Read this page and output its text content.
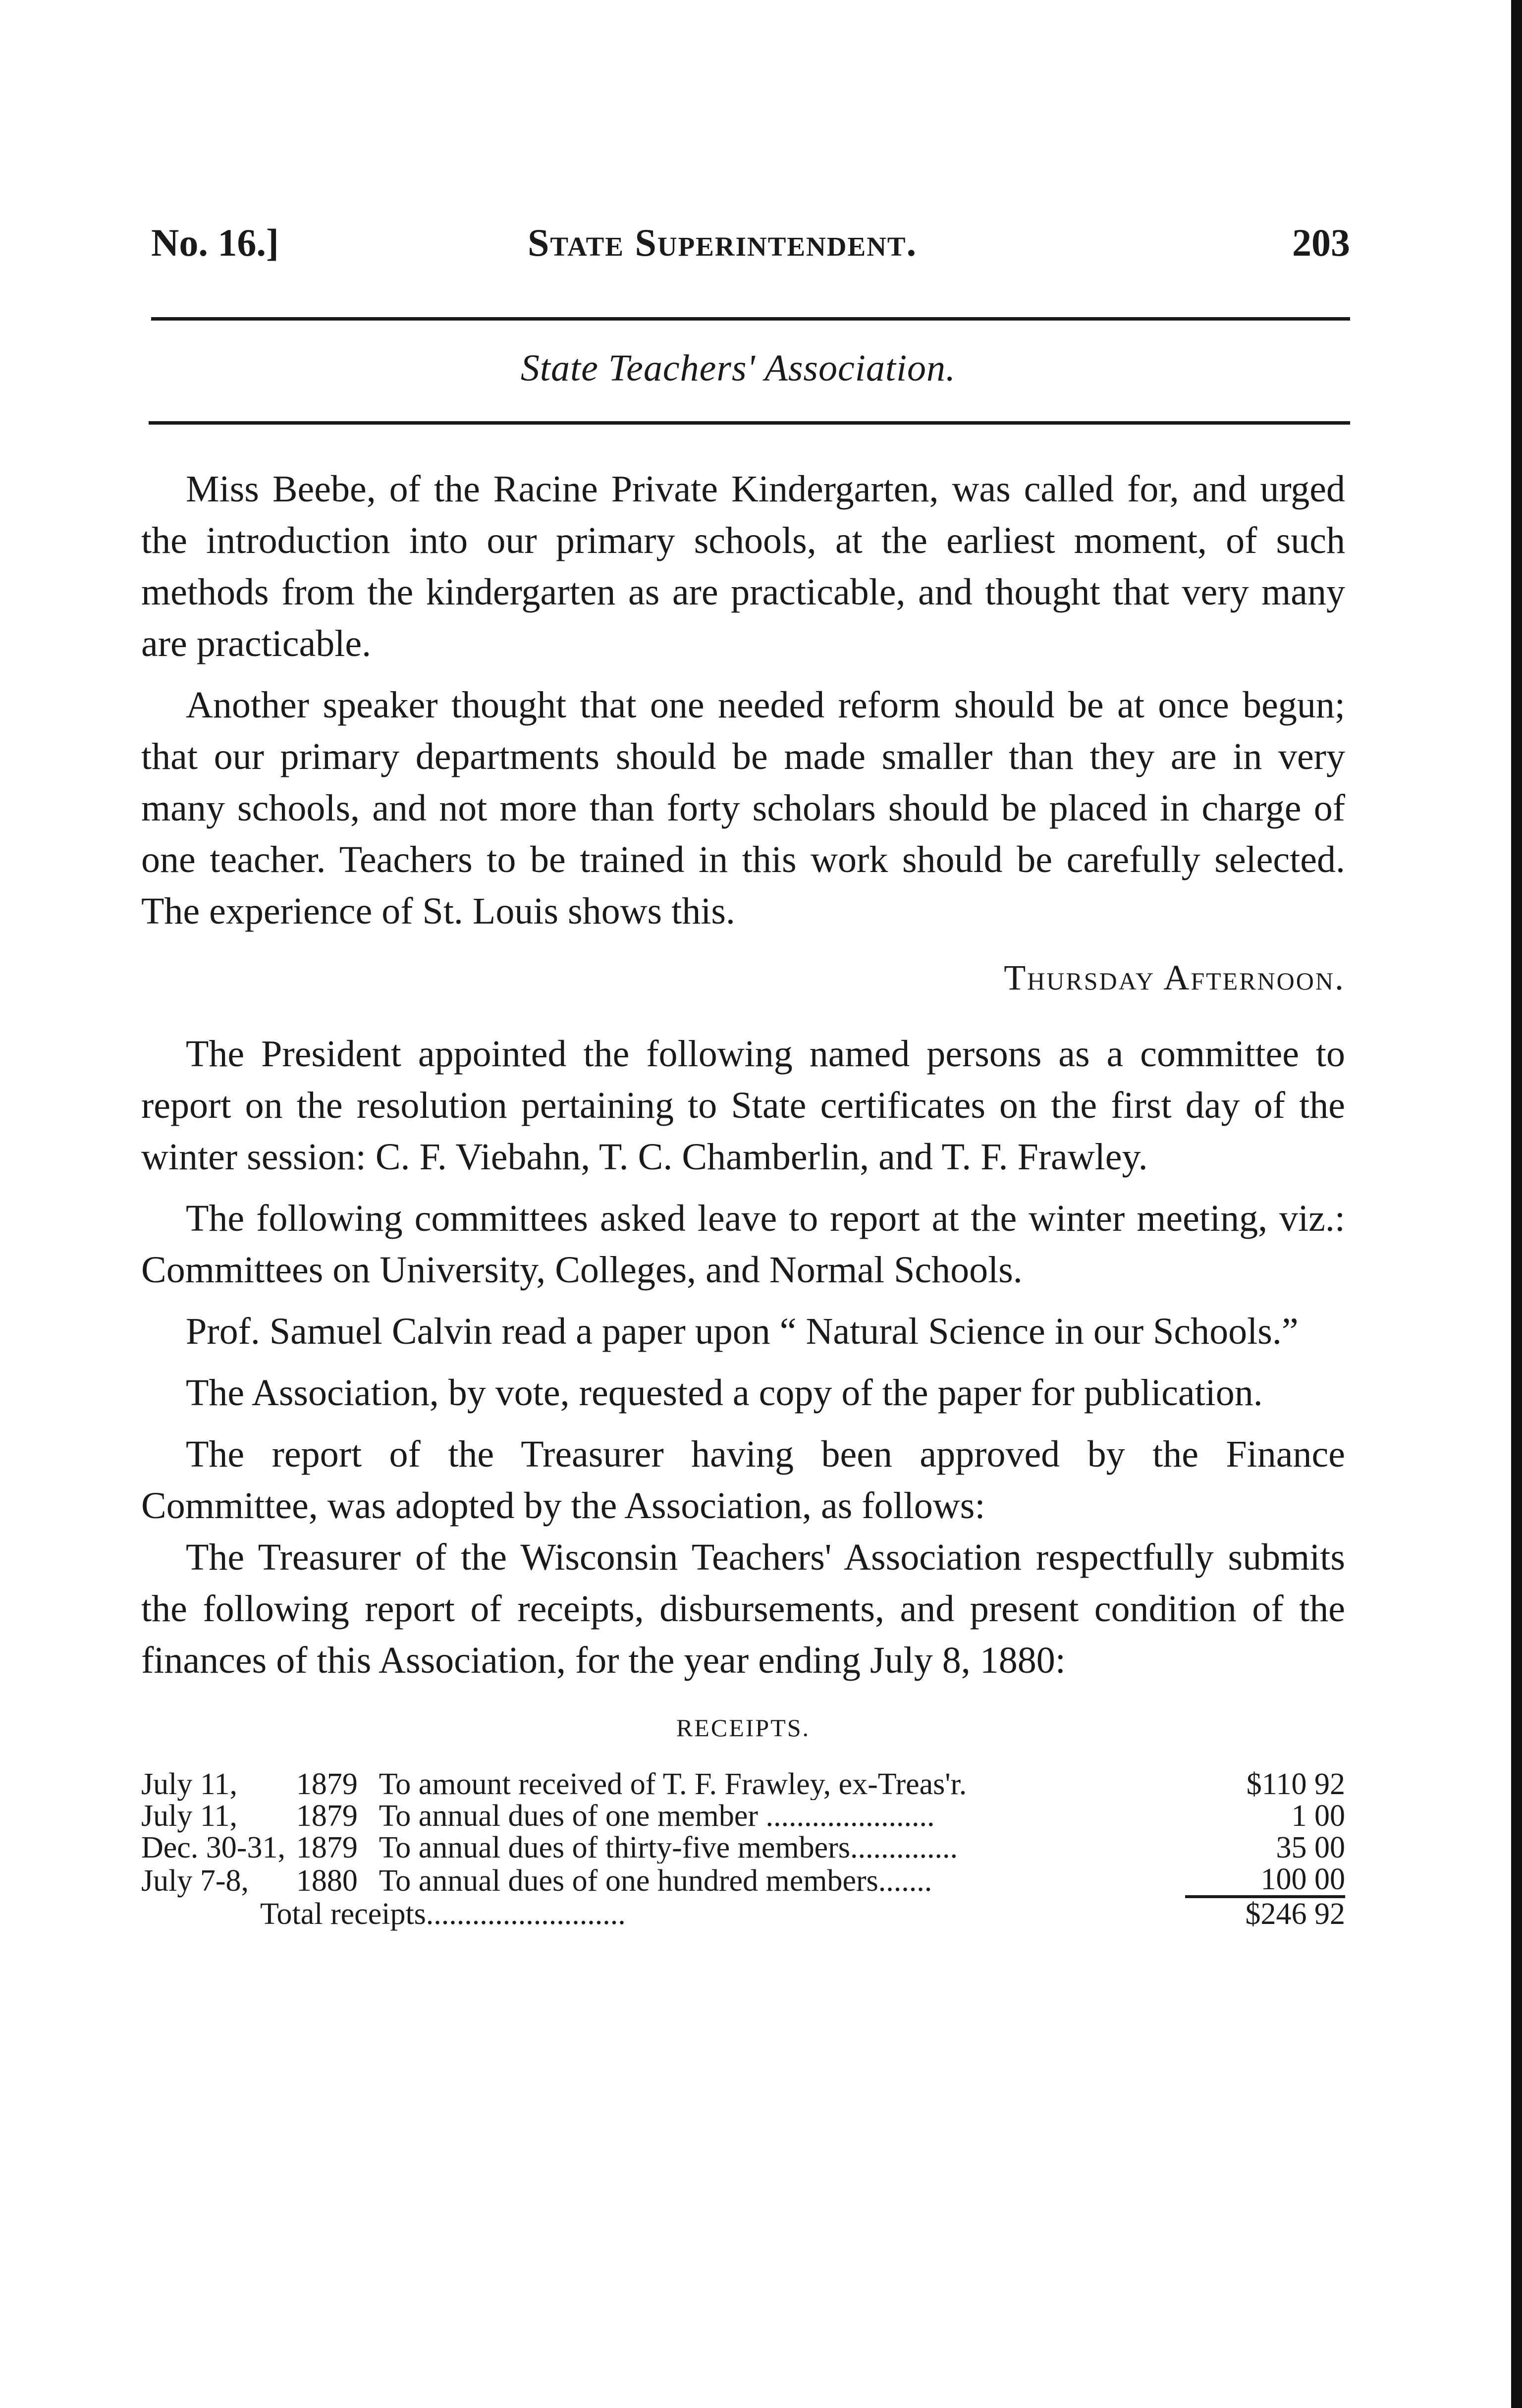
No. 16.]	State Superintendent.	203
State Teachers' Association.

Miss Beebe, of the Racine Private Kindergarten, was called for, and urged the introduction into our primary schools, at the earliest moment, of such methods from the kindergarten as are practicable, and thought that very many are practicable.

Another speaker thought that one needed reform should be at once begun; that our primary departments should be made smaller than they are in very many schools, and not more than forty scholars should be placed in charge of one teacher. Teachers to be trained in this work should be carefully selected. The experience of St. Louis shows this.

Thursday Afternoon.

The President appointed the following named persons as a committee to report on the resolution pertaining to State certificates on the first day of the winter session: C. F. Viebahn, T. C. Chamberlin, and T. F. Frawley.

The following committees asked leave to report at the winter meeting, viz.: Committees on University, Colleges, and Normal Schools.

Prof. Samuel Calvin read a paper upon “ Natural Science in our Schools.”

The Association, by vote, requested a copy of the paper for publication.

The report of the Treasurer having been approved by the Finance Committee, was adopted by the Association, as follows:

The Treasurer of the Wisconsin Teachers' Association respectfully submits the following report of receipts, disbursements, and present condition of the finances of this Association, for the year ending July 8, 1880:

RECEIPTS.
July 11,	1879	To amount received of T. F. Frawley, ex-Treas'r.	$110 92
July 11,	1879	To annual dues of one member ......................	1 00
Dec. 30-31,	1879	To annual dues of thirty-five members..............	35 00
July 7-8,	1880	To annual dues of one hundred members.......	100 00
Total receipts..........................			$246 92
